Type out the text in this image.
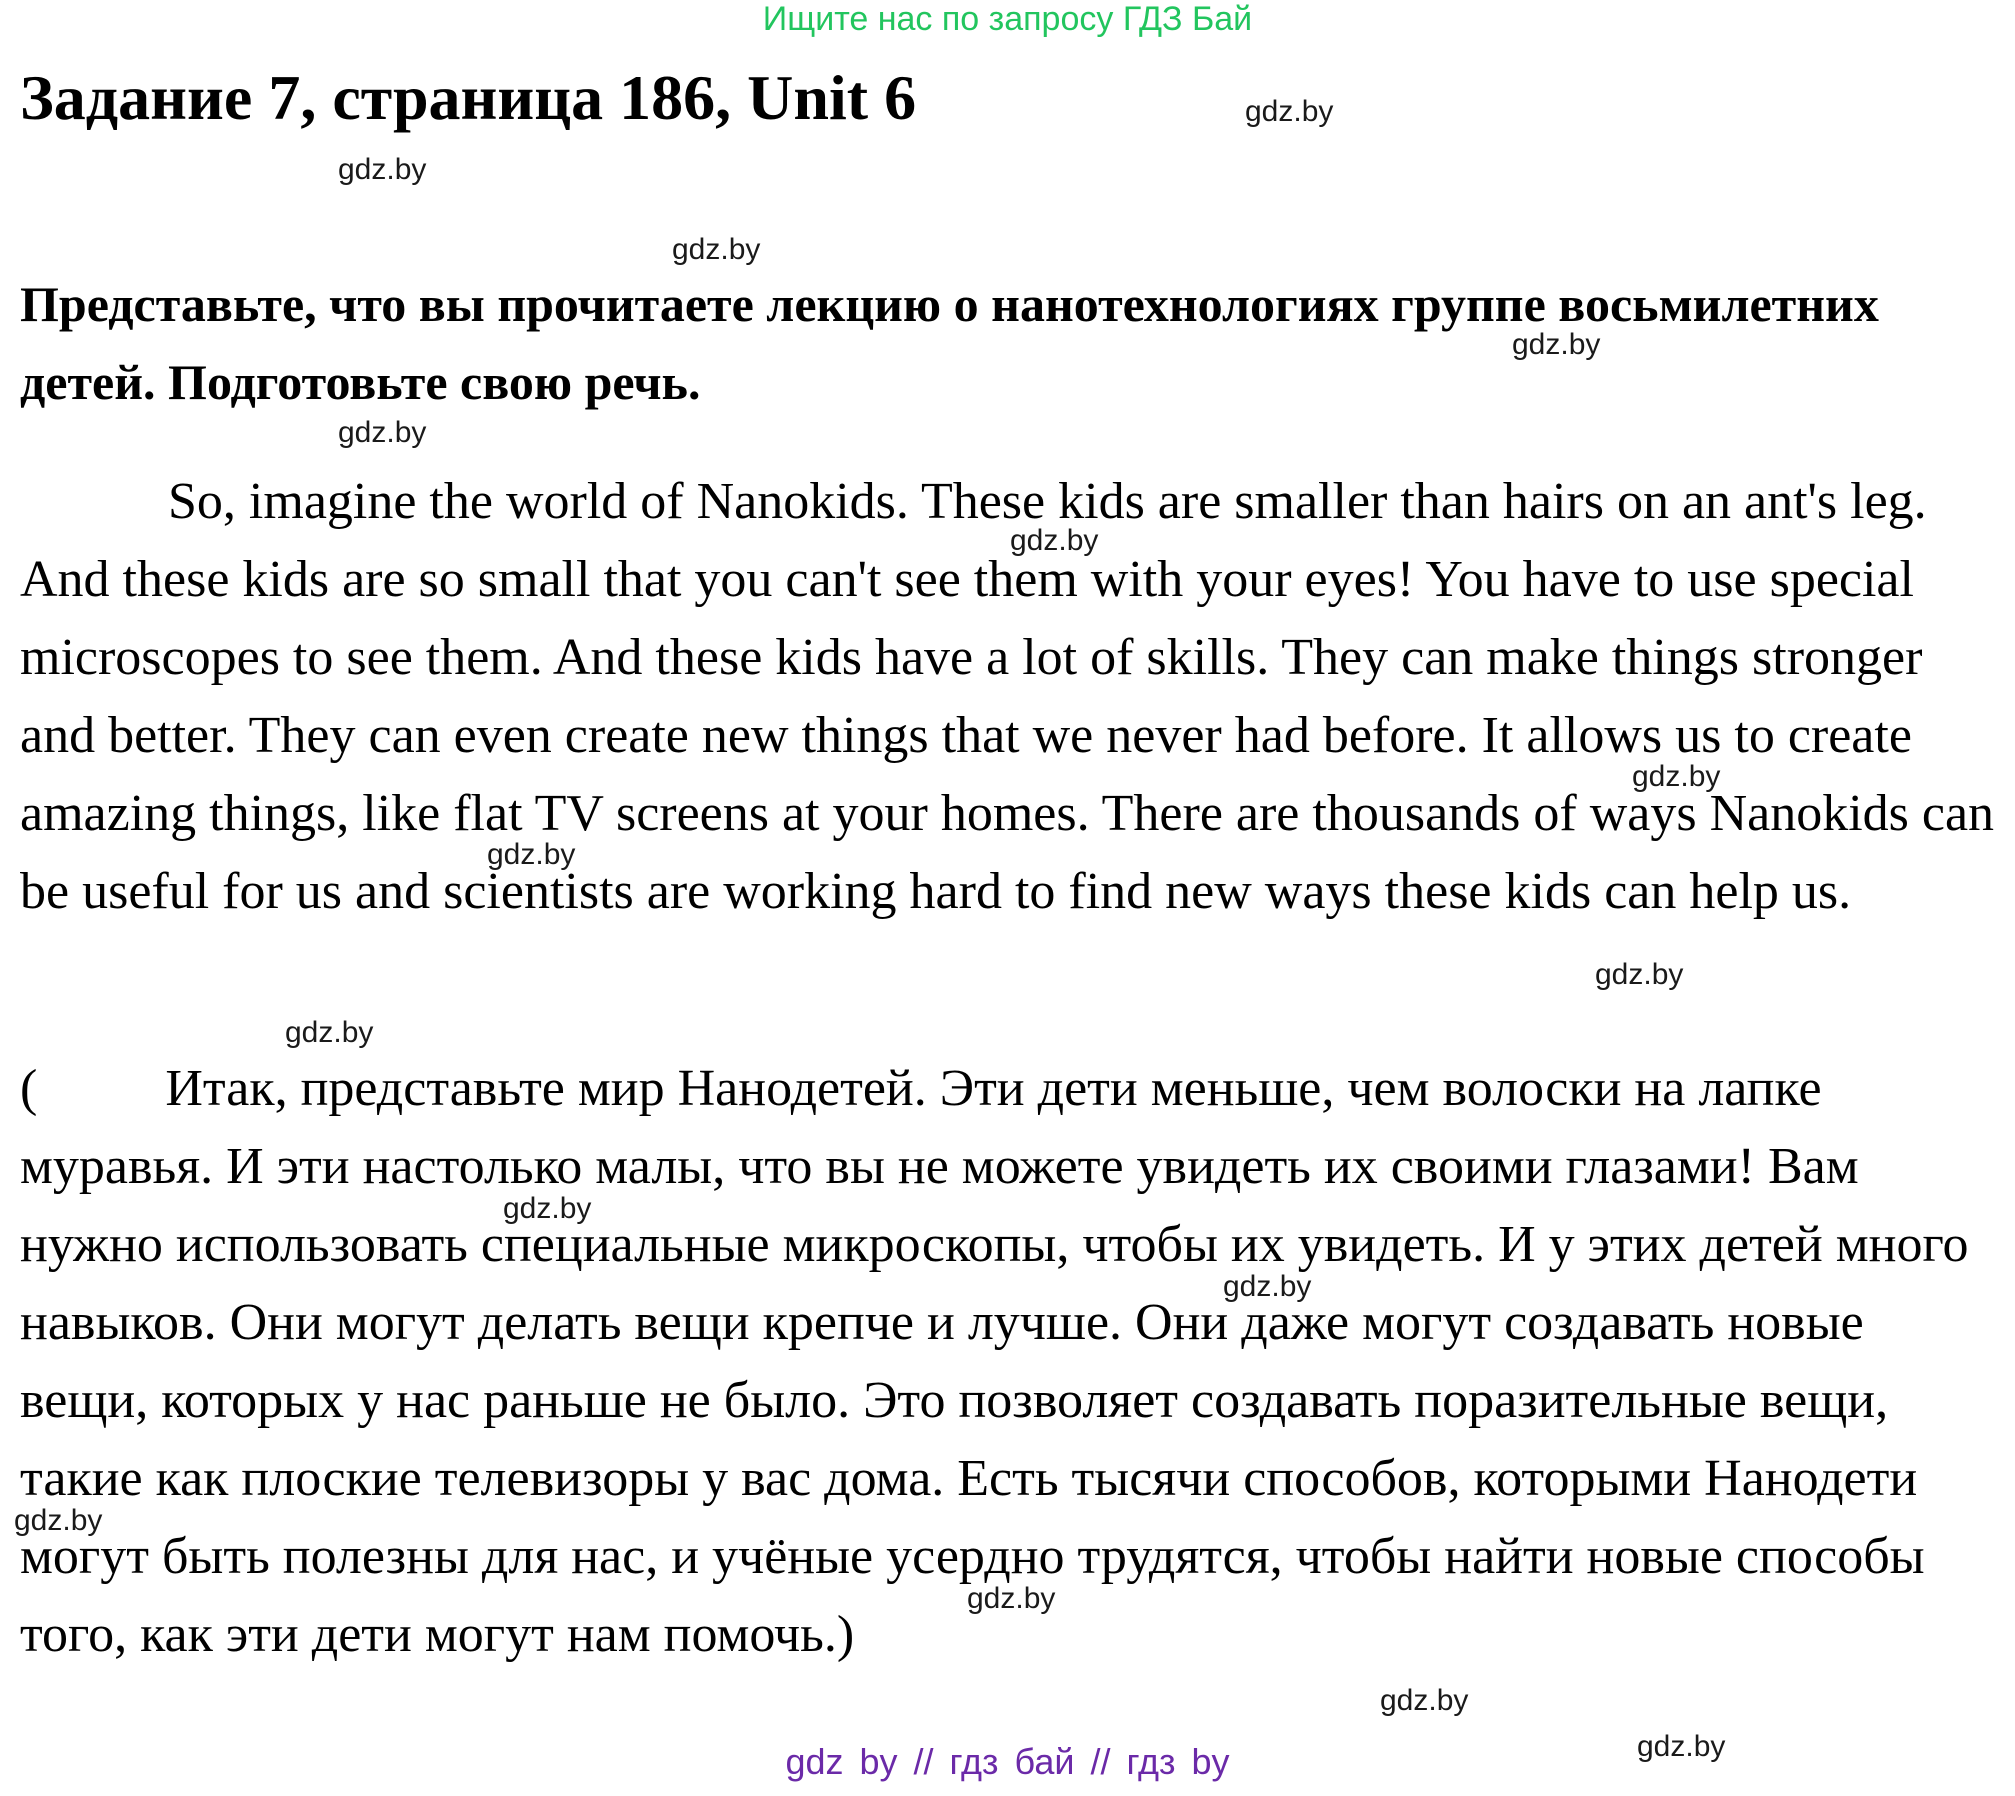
Ищите нас по запросу ГДЗ Бай
Задание 7, страница 186, Unit 6
Представьте, что вы прочитаете лекцию о нанотехнологиях группе восьмилетних детей. Подготовьте свою речь.
So, imagine the world of Nanokids. These kids are smaller than hairs on an ant's leg. And these kids are so small that you can't see them with your eyes! You have to use special microscopes to see them. And these kids have a lot of skills. They can make things stronger and better. They can even create new things that we never had before. It allows us to create amazing things, like flat TV screens at your homes. There are thousands of ways Nanokids can be useful for us and scientists are working hard to find new ways these kids can help us.
( Итак, представьте мир Нанодетей. Эти дети меньше, чем волоски на лапке муравья. И эти настолько малы, что вы не можете увидеть их своими глазами! Вам нужно использовать специальные микроскопы, чтобы их увидеть. И у этих детей много навыков. Они могут делать вещи крепче и лучше. Они даже могут создавать новые вещи, которых у нас раньше не было. Это позволяет создавать поразительные вещи, такие как плоские телевизоры у вас дома. Есть тысячи способов, которыми Нанодети могут быть полезны для нас, и учёные усердно трудятся, чтобы найти новые способы того, как эти дети могут нам помочь.)
gdz.by
gdz.by
gdz.by
gdz.by
gdz.by
gdz.by
gdz.by
gdz.by
gdz.by
gdz.by
gdz.by
gdz.by
gdz.by
gdz.by
gdz.by
gdz.by
gdz by // гдз бай // гдз by
